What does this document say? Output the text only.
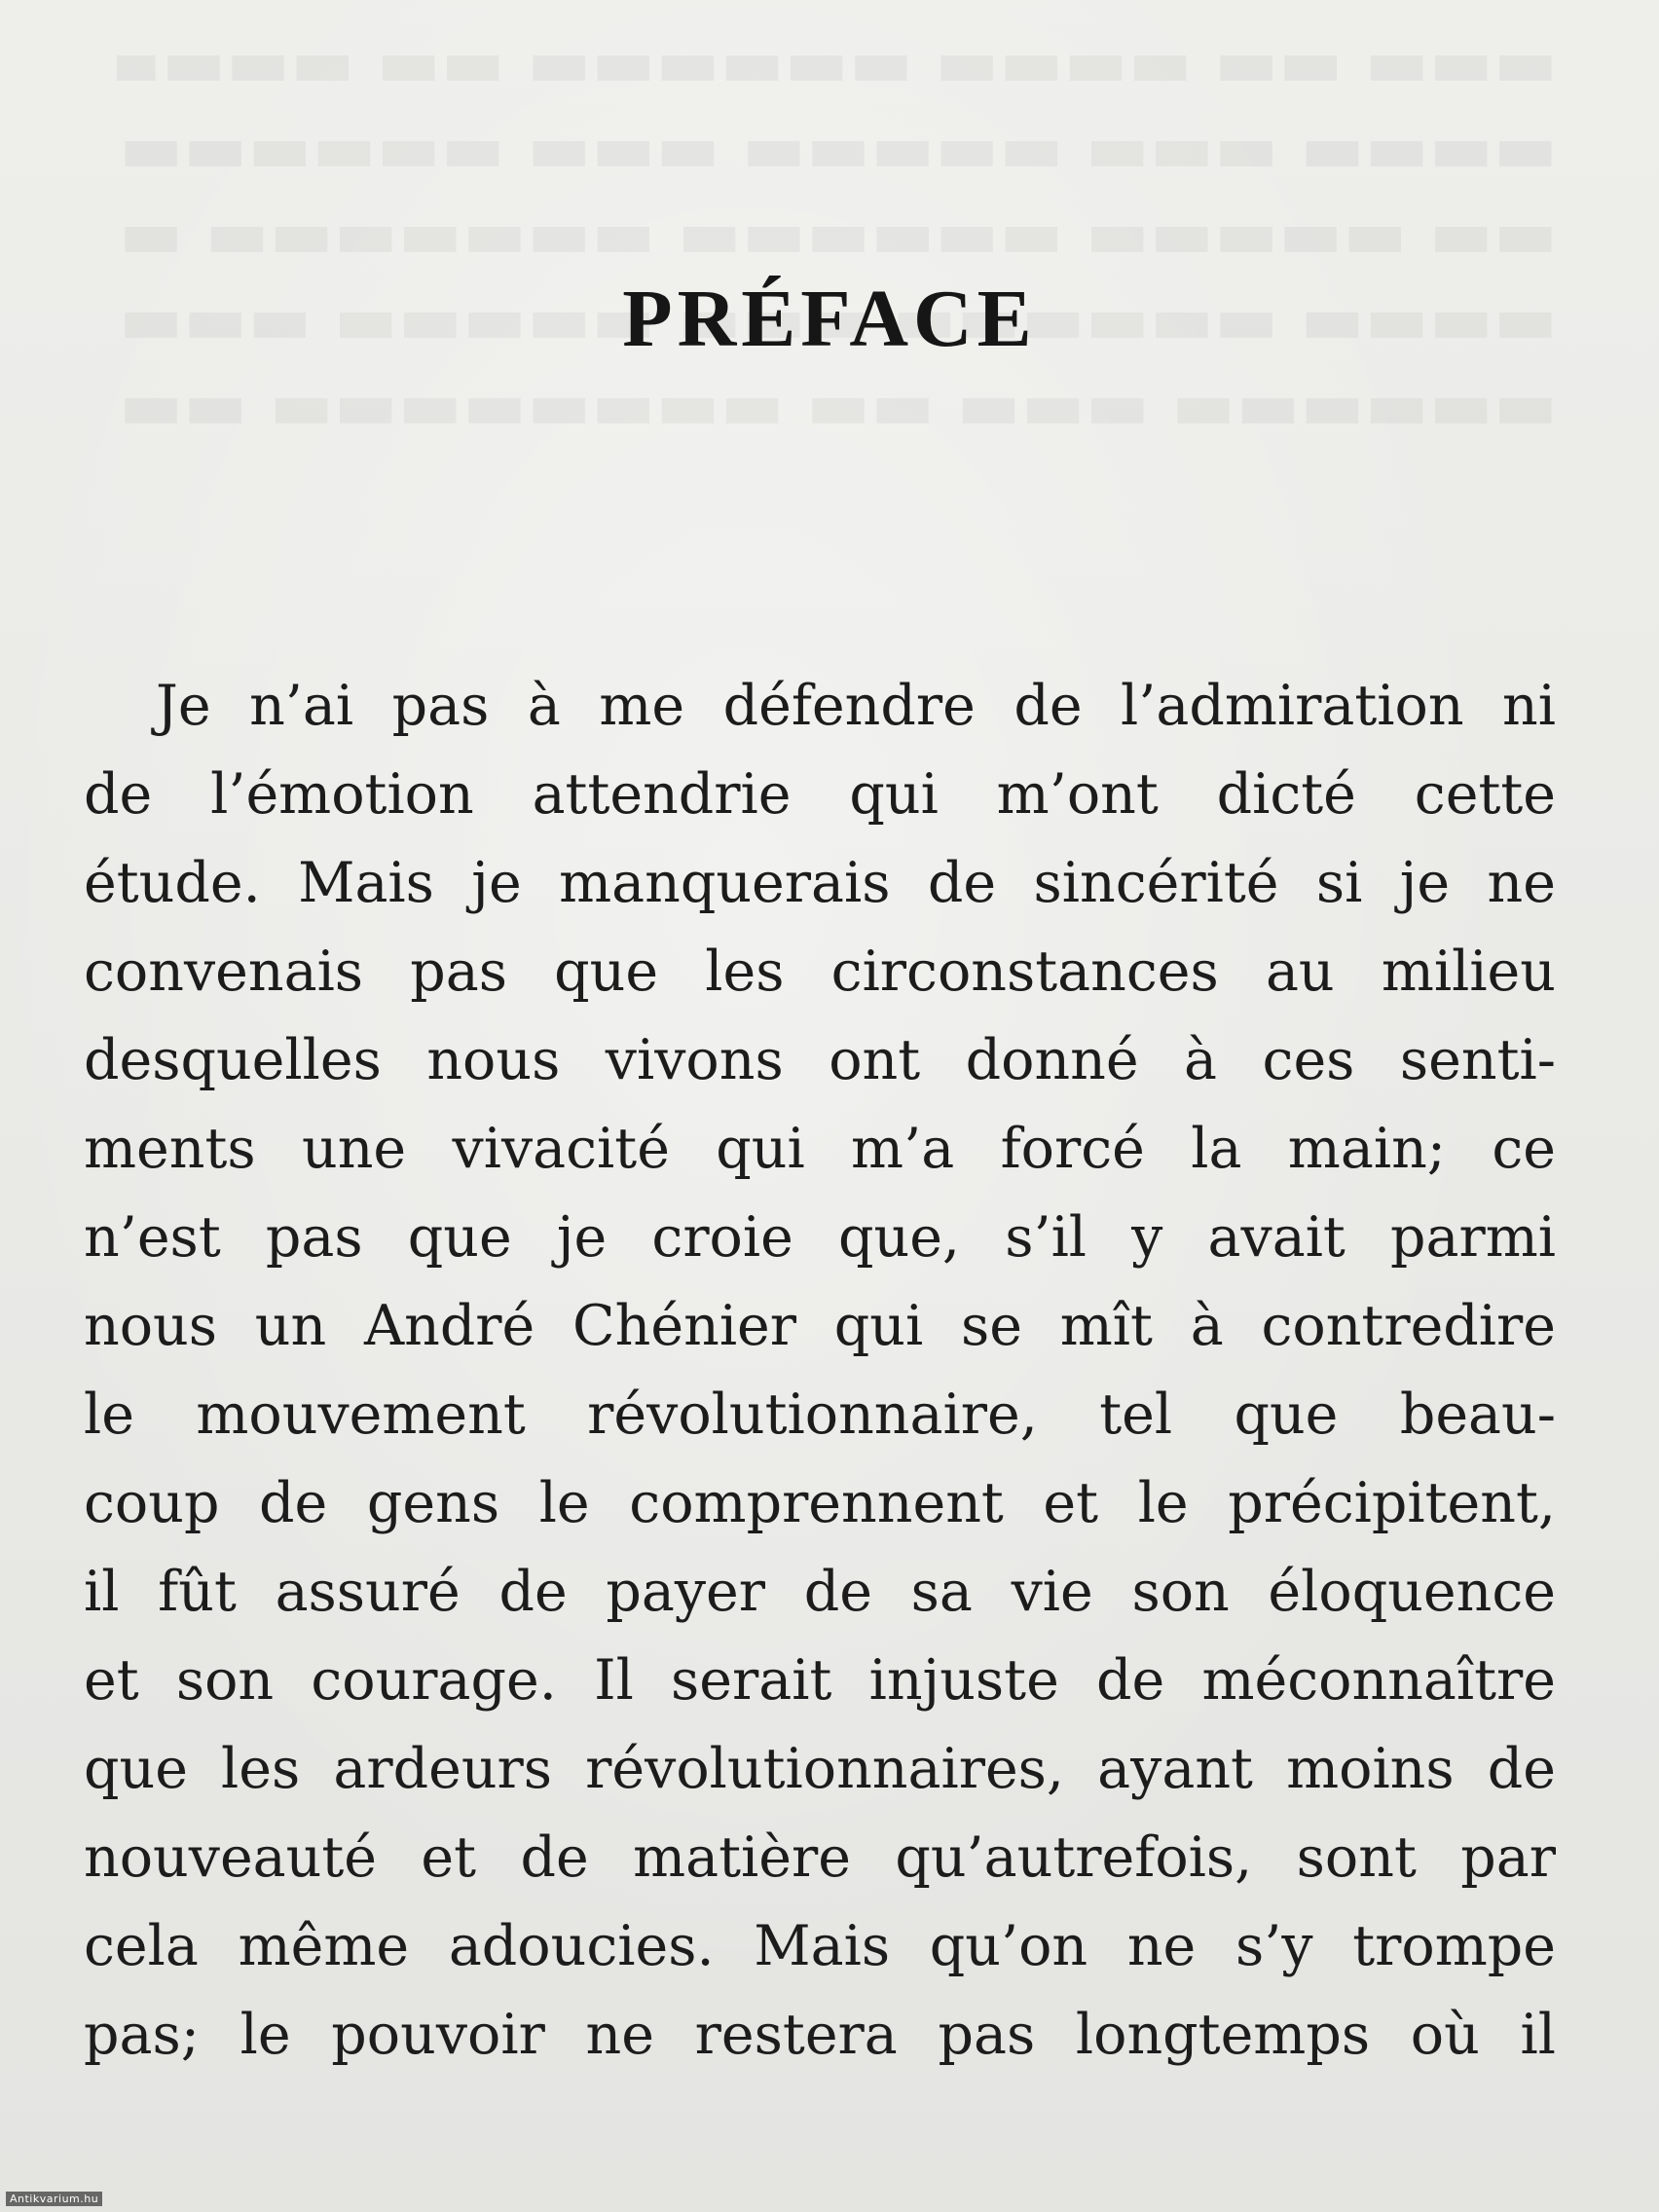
PRÉFACE
Je n’ai pas à me défendre de l’admiration ni
de l’émotion attendrie qui m’ont dicté cette
étude. Mais je manquerais de sincérité si je ne
convenais pas que les circonstances au milieu
desquelles nous vivons ont donné à ces senti-
ments une vivacité qui m’a forcé la main; ce
n’est pas que je croie que, s’il y avait parmi
nous un André Chénier qui se mît à contredire
le mouvement révolutionnaire, tel que beau-
coup de gens le comprennent et le précipitent,
il fût assuré de payer de sa vie son éloquence
et son courage. Il serait injuste de méconnaître
que les ardeurs révolutionnaires, ayant moins de
nouveauté et de matière qu’autrefois, sont par
cela même adoucies. Mais qu’on ne s’y trompe
pas; le pouvoir ne restera pas longtemps où il
Antikvarium.hu
